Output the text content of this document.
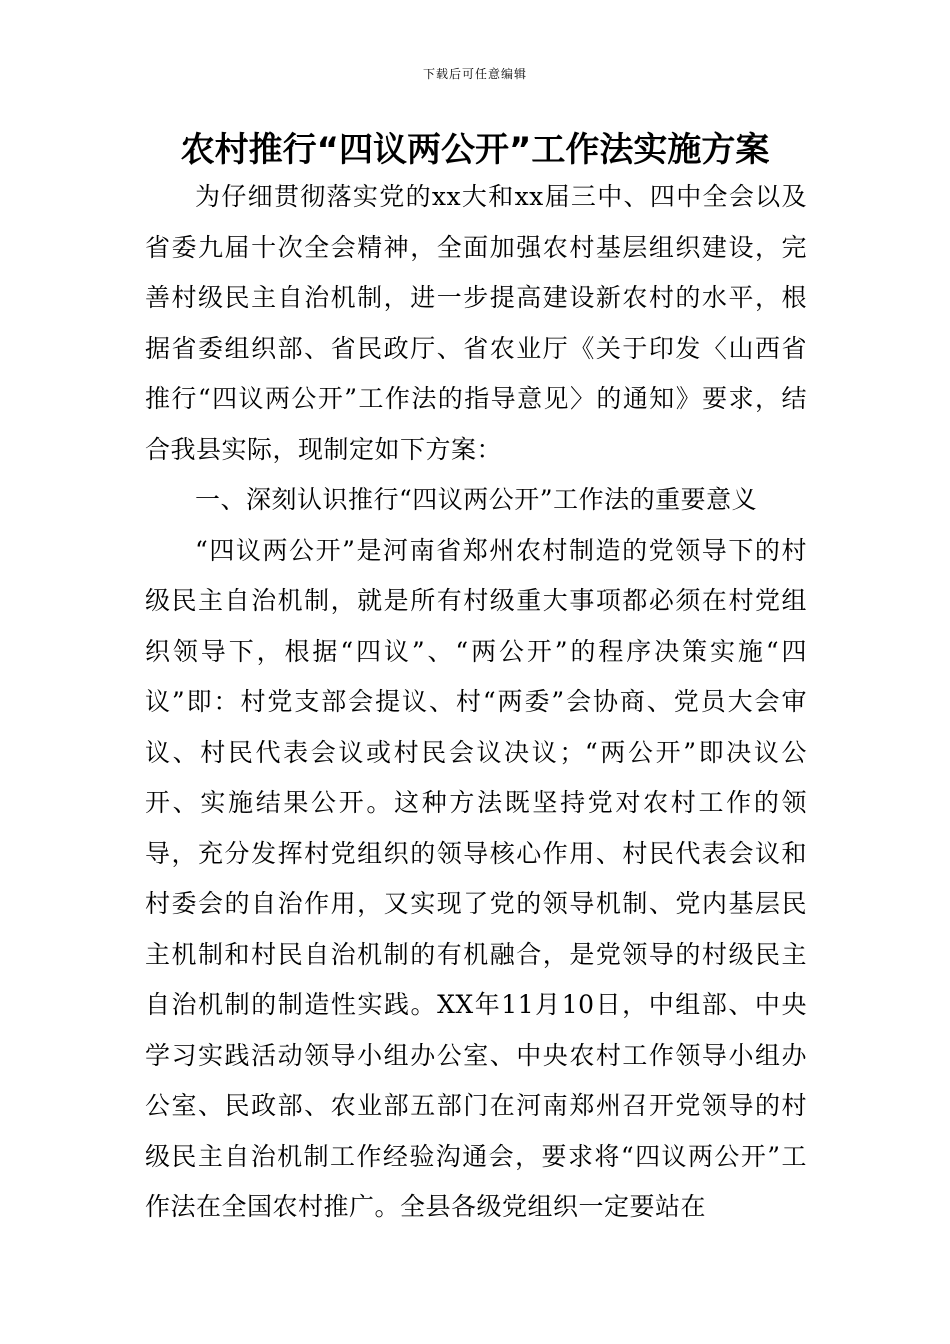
下载后可任意编辑
农村推行“四议两公开”工作法实施方案

为仔细贯彻落实党的xx大和xx届三中、四中全会以及省委九届十次全会精神，全面加强农村基层组织建设，完善村级民主自治机制，进一步提高建设新农村的水平，根据省委组织部、省民政厅、省农业厅《关于印发〈山西省推行“四议两公开”工作法的指导意见〉的通知》要求，结合我县实际，现制定如下方案：

一、深刻认识推行“四议两公开”工作法的重要意义

“四议两公开”是河南省郑州农村制造的党领导下的村级民主自治机制，就是所有村级重大事项都必须在村党组织领导下，根据“四议”、“两公开”的程序决策实施“四议”即：村党支部会提议、村“两委”会协商、党员大会审议、村民代表会议或村民会议决议；“两公开”即决议公开、实施结果公开。这种方法既坚持党对农村工作的领导，充分发挥村党组织的领导核心作用、村民代表会议和村委会的自治作用，又实现了党的领导机制、党内基层民主机制和村民自治机制的有机融合，是党领导的村级民主自治机制的制造性实践。XX年11月10日，中组部、中央学习实践活动领导小组办公室、中央农村工作领导小组办公室、民政部、农业部五部门在河南郑州召开党领导的村级民主自治机制工作经验沟通会，要求将“四议两公开”工作法在全国农村推广。全县各级党组织一定要站在
